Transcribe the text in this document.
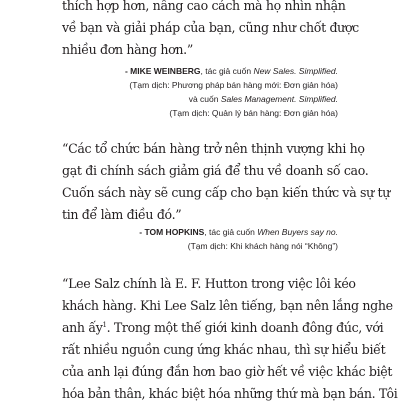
thích hợp hơn, nâng cao cách mà họ nhìn nhận
về bạn và giải pháp của bạn, cũng như chốt được
nhiều đơn hàng hơn.”
- MIKE WEINBERG, tác giả cuốn New Sales. Simplified.
(Tạm dịch: Phương pháp bán hàng mới: Đơn giản hóa)
và cuốn Sales Management. Simplified.
(Tạm dịch: Quản lý bán hàng: Đơn giản hóa)
“Các tổ chức bán hàng trở nên thịnh vượng khi họ
gạt đi chính sách giảm giá để thu về doanh số cao.
Cuốn sách này sẽ cung cấp cho bạn kiến thức và sự tự
tin để làm điều đó.”
- TOM HOPKINS, tác giả cuốn When Buyers say no.
(Tạm dịch: Khi khách hàng nói “Không”)
“Lee Salz chính là E. F. Hutton trong việc lôi kéo
khách hàng. Khi Lee Salz lên tiếng, bạn nên lắng nghe
anh ấy$^1$. Trong một thế giới kinh doanh đông đúc, với
rất nhiều nguồn cung ứng khác nhau, thì sự hiểu biết
của anh lại đúng đắn hơn bao giờ hết về việc khác biệt
hóa bản thân, khác biệt hóa những thứ mà bạn bán. Tôi
